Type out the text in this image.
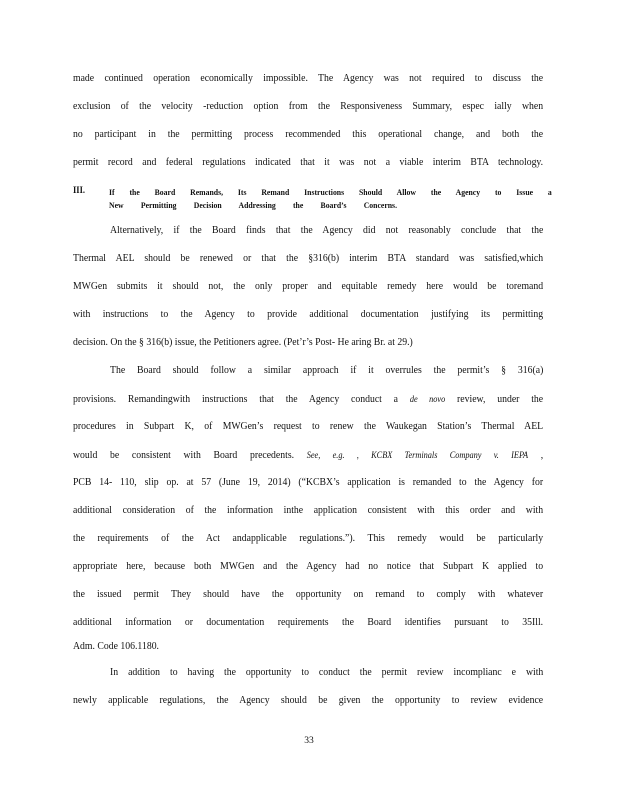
made continued operation economically impossible. The Agency was not required to discuss the
exclusion of the velocity -reduction option from the Responsiveness Summary, espec ially when
no participant in the permitting process recommended this operational change, and both the
permit record and federal regulations indicated that it was not a viable interim BTA technology.
III.	If the Board Remands, Its Remand Instructions Should Allow the Agency to Issue a
New Permitting Decision Addressing the Board’s Concerns.
Alternatively, if the Board finds that the Agency did not reasonably conclude that the
Thermal AEL should be renewed or that the §316(b) interim BTA standard was satisfied,which
MWGen submits it should not, the only proper and equitable remedy here would be toremand
with instructions to the Agency to provide additional documentation justifying its permitting
decision. On the § 316(b) issue, the Petitioners agree. (Pet’r’s Post- He aring Br. at 29.)
The Board should follow a similar approach if it overrules the permit’s § 316(a)
provisions. Remandingwith instructions that the Agency conduct a de novo review, under the
procedures in Subpart K, of MWGen’s request to renew the Waukegan Station’s Thermal AEL
would be consistent with Board precedents. See, e.g. , KCBX Terminals Company v. IEPA ,
PCB 14- 110, slip op. at 57 (June 19, 2014) (“KCBX’s application is remanded to the Agency for
additional consideration of the information inthe application consistent with this order and with
the requirements of the Act andapplicable regulations.”). This remedy would be particularly
appropriate here, because both MWGen and the Agency had no notice that Subpart K applied to
the issued permit They should have the opportunity on remand to comply with whatever
additional information or documentation requirements the Board identifies pursuant to 35Ill.
Adm. Code 106.1180.
In addition to having the opportunity to conduct the permit review incomplianc e with
newly applicable regulations, the Agency should be given the opportunity to review evidence
33
